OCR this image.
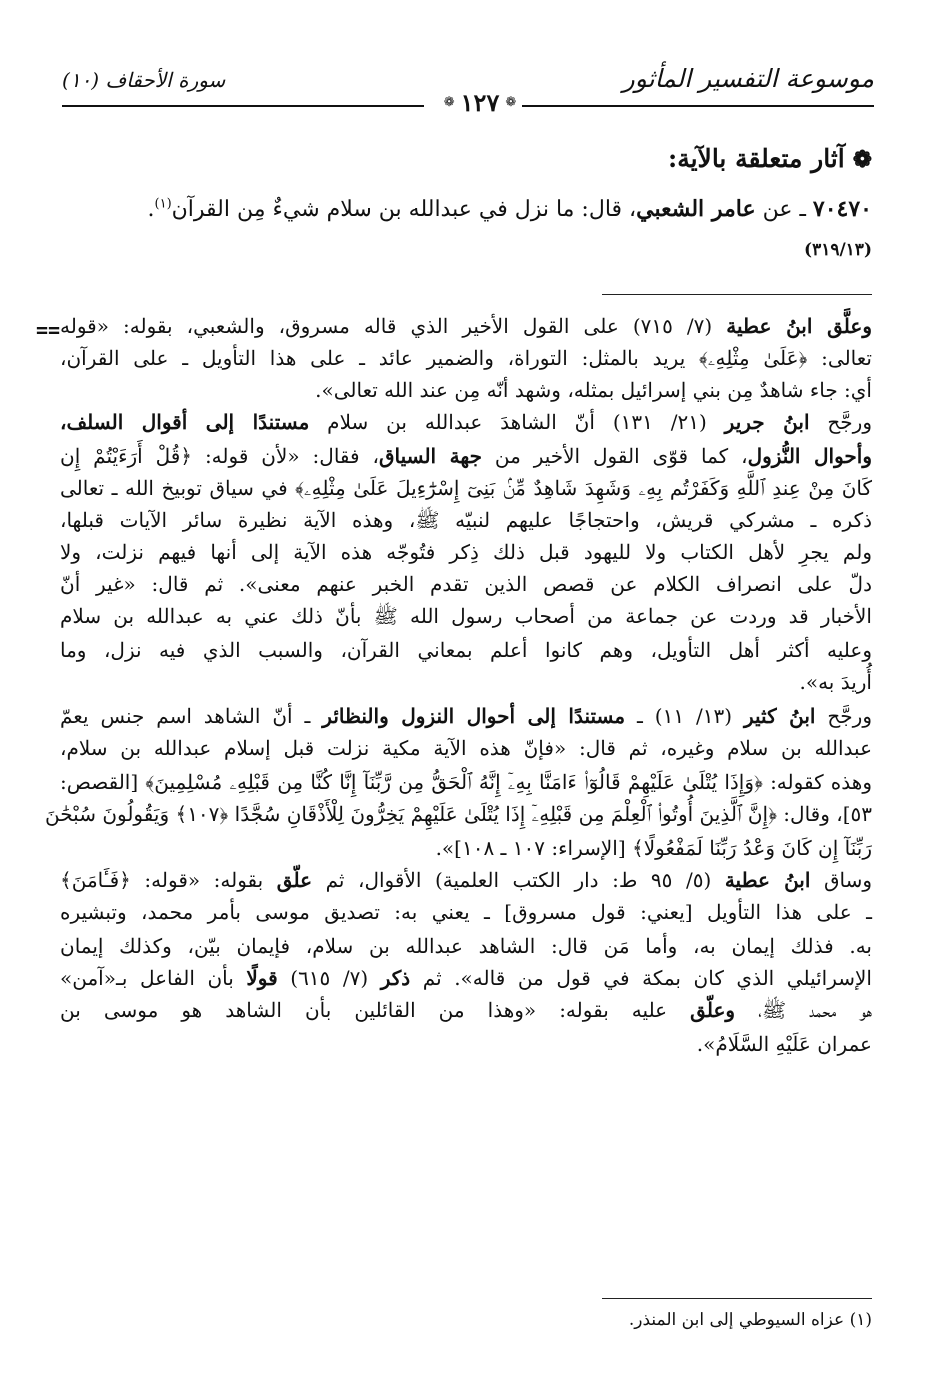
موسوعة التفسير المأثور
❁١٢٧❁
سورة الأحقاف (١٠)
❁آثار متعلقة بالآية:
٧٠٤٧٠ ـ عن عامر الشعبي، قال: ما نزل في عبدالله بن سلام شيءٌ مِن القرآن$^{(١)}$.
(٣١٩/١٣)
==	وعلَّق ابنُ عطية (٧/ ٧١٥) على القول الأخير الذي قاله مسروق، والشعبي، بقوله: «قوله
تعالى: ﴿عَلَىٰ مِثْلِهِۦ﴾ يريد بالمثل: التوراة، والضمير عائد ـ على هذا التأويل ـ على القرآن،
أي: جاء شاهدٌ مِن بني إسرائيل بمثله، وشهد أنّه مِن عند الله تعالى».
ورجَّح ابنُ جرير (٢١/ ١٣١) أنّ الشاهدَ عبدالله بن سلام مستندًا إلى أقوال السلف،
وأحوال النُّزول، كما قوّى القول الأخير من جهة السياق، فقال: «لأن قوله: ﴿قُلْ أَرَءَيْتُمْ إِن
كَانَ مِنْ عِندِ ٱللَّهِ وَكَفَرْتُم بِهِۦ وَشَهِدَ شَاهِدٌ مِّنۢ بَنِىٓ إِسْرَٰٓءِيلَ عَلَىٰ مِثْلِهِۦ﴾ في سياق توبيخ الله ـ تعالى
ذكره ـ مشركي قريش، واحتجاجًا عليهم لنبيّه ﷺ، وهذه الآية نظيرة سائر الآيات قبلها،
ولم يجرِ لأهل الكتاب ولا لليهود قبل ذلك ذِكر فتُوجّه هذه الآية إلى أنها فيهم نزلت، ولا
دلّ على انصراف الكلام عن قصص الذين تقدم الخبر عنهم معنى». ثم قال: «غير أنّ
الأخبار قد وردت عن جماعة من أصحاب رسول الله ﷺ بأنّ ذلك عني به عبدالله بن سلام
وعليه أكثر أهل التأويل، وهم كانوا أعلم بمعاني القرآن، والسبب الذي فيه نزل، وما
أُريدَ به».
ورجَّح ابنُ كثير (١٣/ ١١) ـ مستندًا إلى أحوال النزول والنظائر ـ أنّ الشاهد اسم جنس يعمّ
عبدالله بن سلام وغيره، ثم قال: «فإنّ هذه الآية مكية نزلت قبل إسلام عبدالله بن سلام،
وهذه كقوله: ﴿وَإِذَا يُتْلَىٰ عَلَيْهِمْ قَالُوٓا۟ ءَامَنَّا بِهِۦٓ إِنَّهُ ٱلْحَقُّ مِن رَّبِّنَآ إِنَّا كُنَّا مِن قَبْلِهِۦ مُسْلِمِينَ﴾ [القصص:
٥٣]، وقال: ﴿إِنَّ ٱلَّذِينَ أُوتُوا۟ ٱلْعِلْمَ مِن قَبْلِهِۦٓ إِذَا يُتْلَىٰ عَلَيْهِمْ يَخِرُّونَ لِلْأَذْقَانِ سُجَّدًا ﴿١٠٧﴾ وَيَقُولُونَ سُبْحَٰنَ
رَبِّنَآ إِن كَانَ وَعْدُ رَبِّنَا لَمَفْعُولًا﴾ [الإسراء: ١٠٧ ـ ١٠٨]».
وساق ابنُ عطية (٥/ ٩٥ ط: دار الكتب العلمية) الأقوال، ثم علّق بقوله: «قوله: ﴿فَـَٔامَنَ﴾
ـ على هذا التأويل [يعني: قول مسروق] ـ يعني به: تصديق موسى بأمر محمد، وتبشيره
به. فذلك إيمان به، وأما مَن قال: الشاهد عبدالله بن سلام، فإيمان بيّن، وكذلك إيمان
الإسرائيلي الذي كان بمكة في قول من قاله». ثم ذكر (٧/ ٦١٥) قولًا بأن الفاعل بـ«آمن»
هو محمد ﷺ، وعلّق عليه بقوله: «وهذا من القائلين بأن الشاهد هو موسى بن
عمران عَلَيْهِ السَّلَامُ».
(١) عزاه السيوطي إلى ابن المنذر.
